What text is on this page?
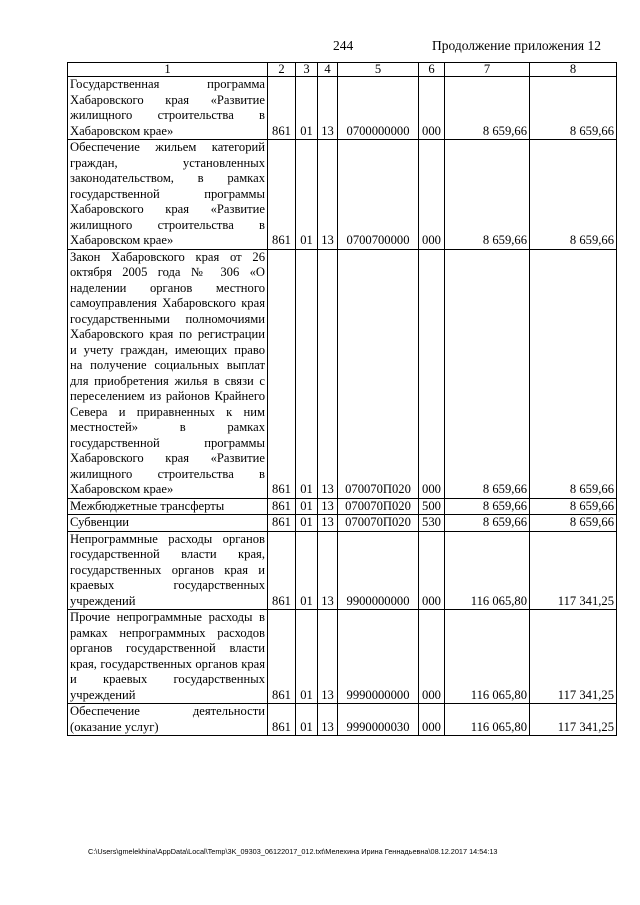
244	Продолжение приложения 12
1	2	3	4	5	6	7	8
Государственная программа Хабаровского края «Развитие жилищного строительства в Хабаровском крае»	861	01	13	0700000000	000	8 659,66	8 659,66
Обеспечение жильем категорий граждан, установленных законодательством, в рамках государственной программы Хабаровского края «Развитие жилищного строительства в Хабаровском крае»	861	01	13	0700700000	000	8 659,66	8 659,66
Закон Хабаровского края от 26 октября 2005 года № 306 «О наделении органов местного самоуправления Хабаровского края государственными полномочиями Хабаровского края по регистрации и учету граждан, имеющих право на получение социальных выплат для приобретения жилья в связи с переселением из районов Крайнего Севера и приравненных к ним местностей» в рамках государственной программы Хабаровского края «Развитие жилищного строительства в Хабаровском крае»	861	01	13	070070П020	000	8 659,66	8 659,66
Межбюджетные трансферты	861	01	13	070070П020	500	8 659,66	8 659,66
Субвенции	861	01	13	070070П020	530	8 659,66	8 659,66
Непрограммные расходы органов государственной власти края, государственных органов края и краевых государственных учреждений	861	01	13	9900000000	000	116 065,80	117 341,25
Прочие непрограммные расходы в рамках непрограммных расходов органов государственной власти края, государственных органов края и краевых государственных учреждений	861	01	13	9990000000	000	116 065,80	117 341,25
Обеспечение деятельности (оказание услуг)	861	01	13	9990000030	000	116 065,80	117 341,25
C:\Users\gmelekhina\AppData\Local\Temp\3K_09303_06122017_012.txt\Мелехина Ирина Геннадьевна\08.12.2017 14:54:13
